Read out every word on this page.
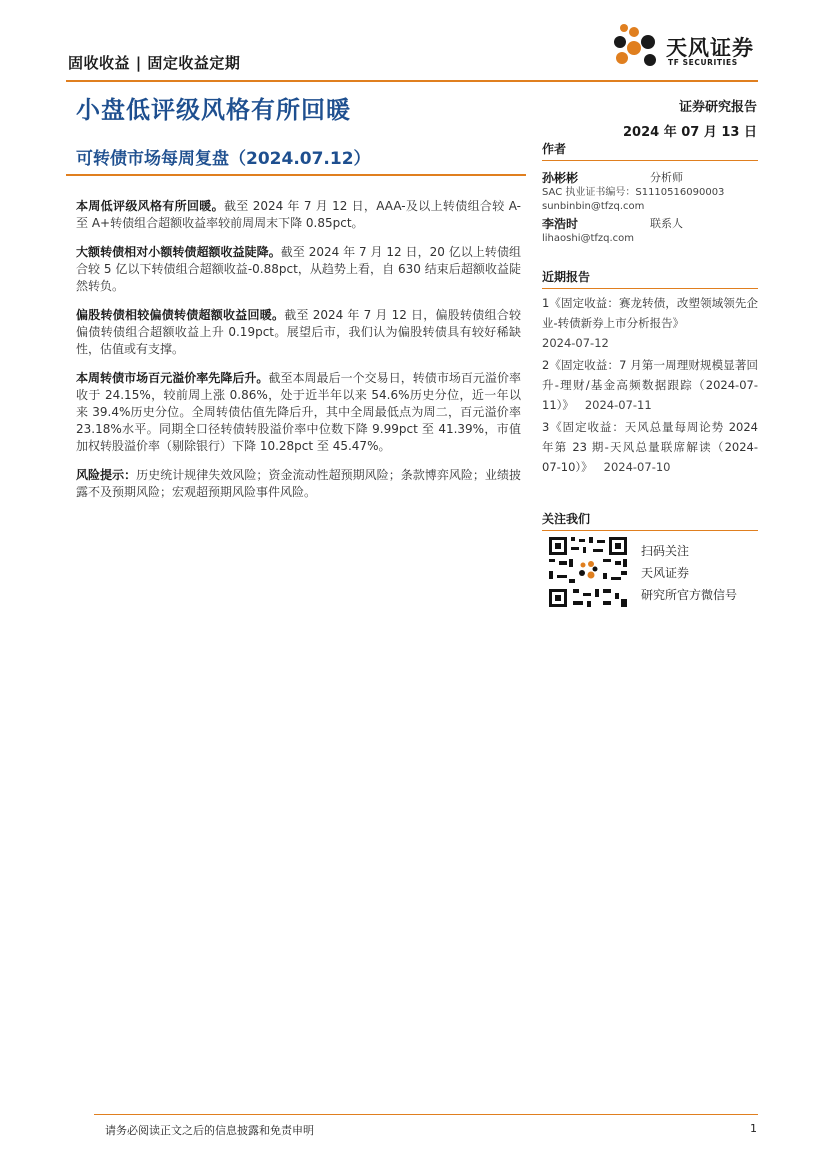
固收收益 | 固定收益定期
天风证券
TF SECURITIES
小盘低评级风格有所回暖	证券研究报告
2024 年 07 月 13 日
可转债市场每周复盘（2024.07.12）

本周低评级风格有所回暖。截至 2024 年 7 月 12 日，AAA-及以上转债组合较 A-至 A+转债组合超额收益率较前周周末下降 0.85pct。

大额转债相对小额转债超额收益陡降。截至 2024 年 7 月 12 日，20 亿以上转债组合较 5 亿以下转债组合超额收益-0.88pct，从趋势上看，自 630 结束后超额收益陡然转负。

偏股转债相较偏债转债超额收益回暖。截至 2024 年 7 月 12 日，偏股转债组合较偏债转债组合超额收益上升 0.19pct。展望后市，我们认为偏股转债具有较好稀缺性，估值或有支撑。

本周转债市场百元溢价率先降后升。截至本周最后一个交易日，转债市场百元溢价率收于 24.15%，较前周上涨 0.86%，处于近半年以来 54.6%历史分位，近一年以来 39.4%历史分位。全周转债估值先降后升，其中全周最低点为周二，百元溢价率 23.18%水平。同期全口径转债转股溢价率中位数下降 9.99pct 至 41.39%，市值加权转股溢价率（剔除银行）下降 10.28pct 至 45.47%。

风险提示：历史统计规律失效风险；资金流动性超预期风险；条款博弈风险；业绩披露不及预期风险；宏观超预期风险事件风险。

作者
孙彬彬	分析师
SAC 执业证书编号：S1110516090003
sunbinbin@tfzq.com
李浩时	联系人
lihaoshi@tfzq.com
近期报告
1《固定收益：赛龙转债，改塑领域领先企业-转债新券上市分析报告》
2024-07-12
2《固定收益：7 月第一周理财规模显著回升-理财/基金高频数据跟踪（2024-07-11）》 2024-07-11
3《固定收益：天风总量每周论势 2024 年第 23 期-天风总量联席解读（2024-07-10）》 2024-07-10
关注我们
扫码关注
天风证券
研究所官方微信号
请务必阅读正文之后的信息披露和免责申明	1
